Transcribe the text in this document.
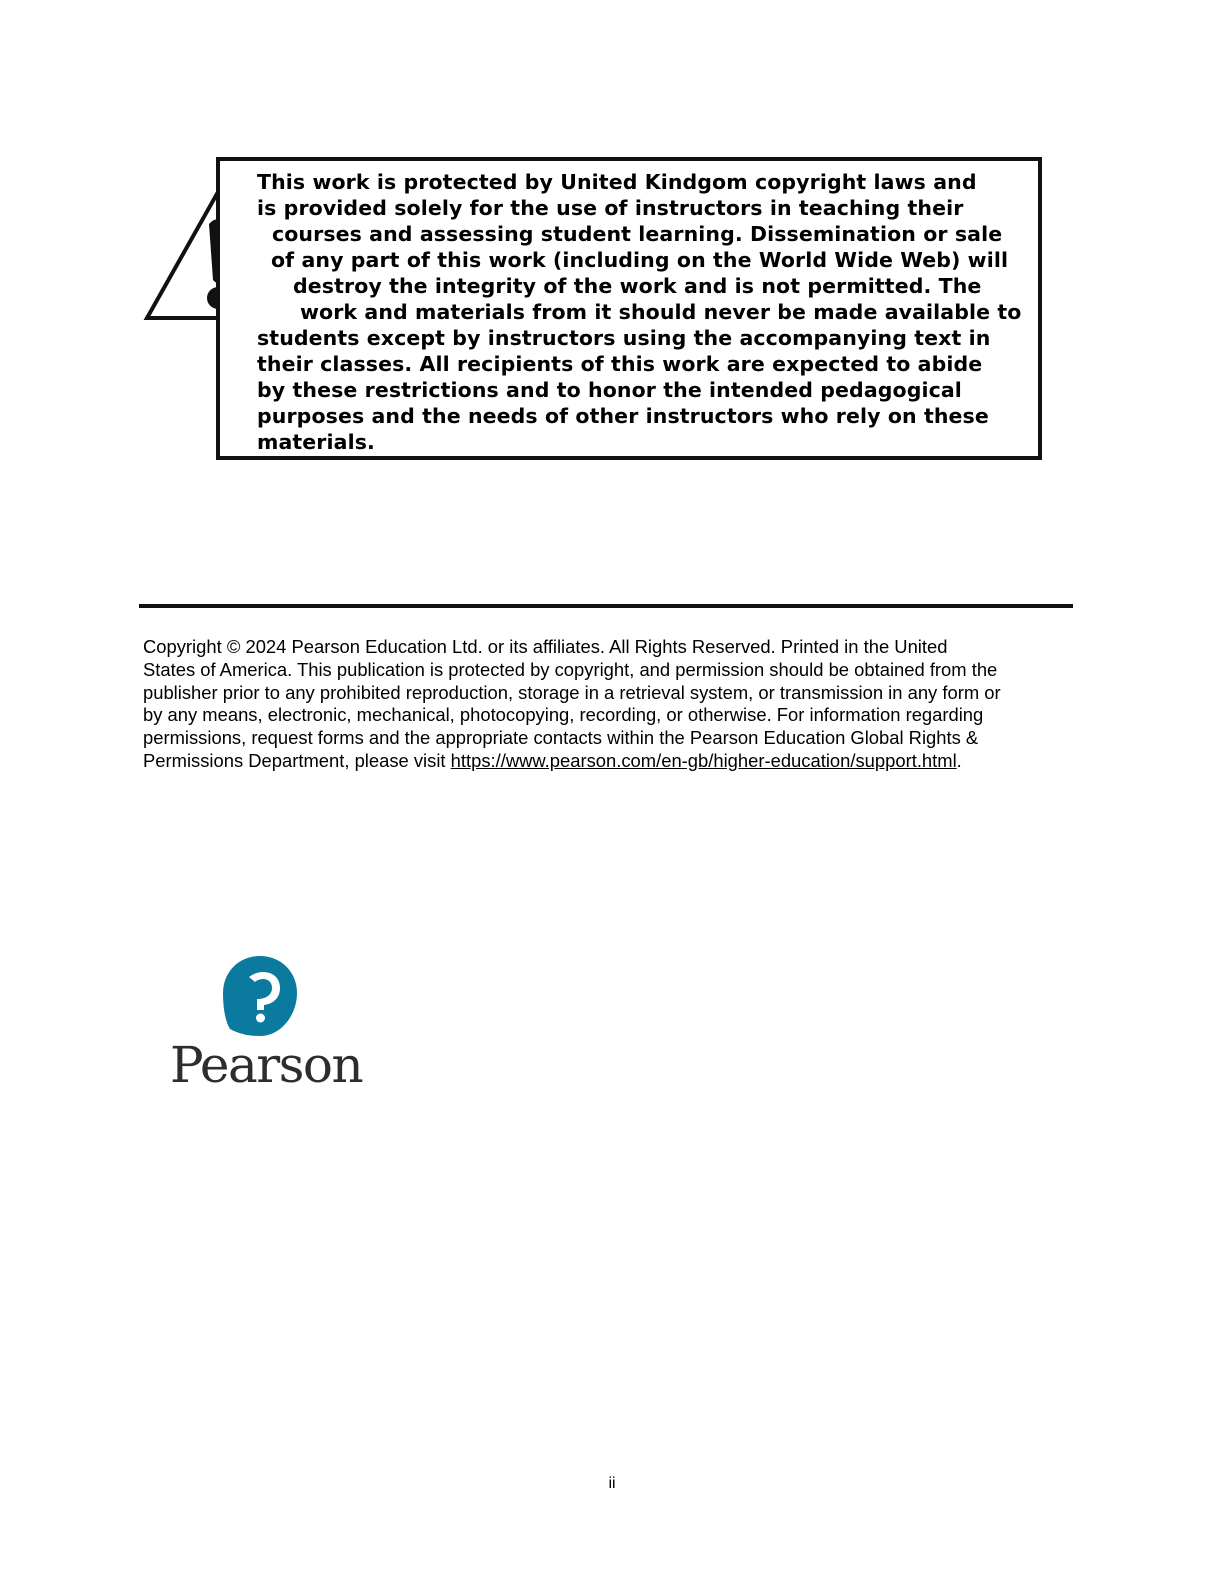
This work is protected by United Kindgom copyright laws and
is provided solely for the use of instructors in teaching their
courses and assessing student learning. Dissemination or sale
of any part of this work (including on the World Wide Web) will
destroy the integrity of the work and is not permitted. The
work and materials from it should never be made available to
students except by instructors using the accompanying text in
their classes. All recipients of this work are expected to abide
by these restrictions and to honor the intended pedagogical
purposes and the needs of other instructors who rely on these
materials.

Copyright © 2024 Pearson Education Ltd. or its affiliates. All Rights Reserved. Printed in the United
States of America. This publication is protected by copyright, and permission should be obtained from the
publisher prior to any prohibited reproduction, storage in a retrieval system, or transmission in any form or
by any means, electronic, mechanical, photocopying, recording, or otherwise. For information regarding
permissions, request forms and the appropriate contacts within the Pearson Education Global Rights &
Permissions Department, please visit https://www.pearson.com/en-gb/higher-education/support.html.

Pearson
ii
